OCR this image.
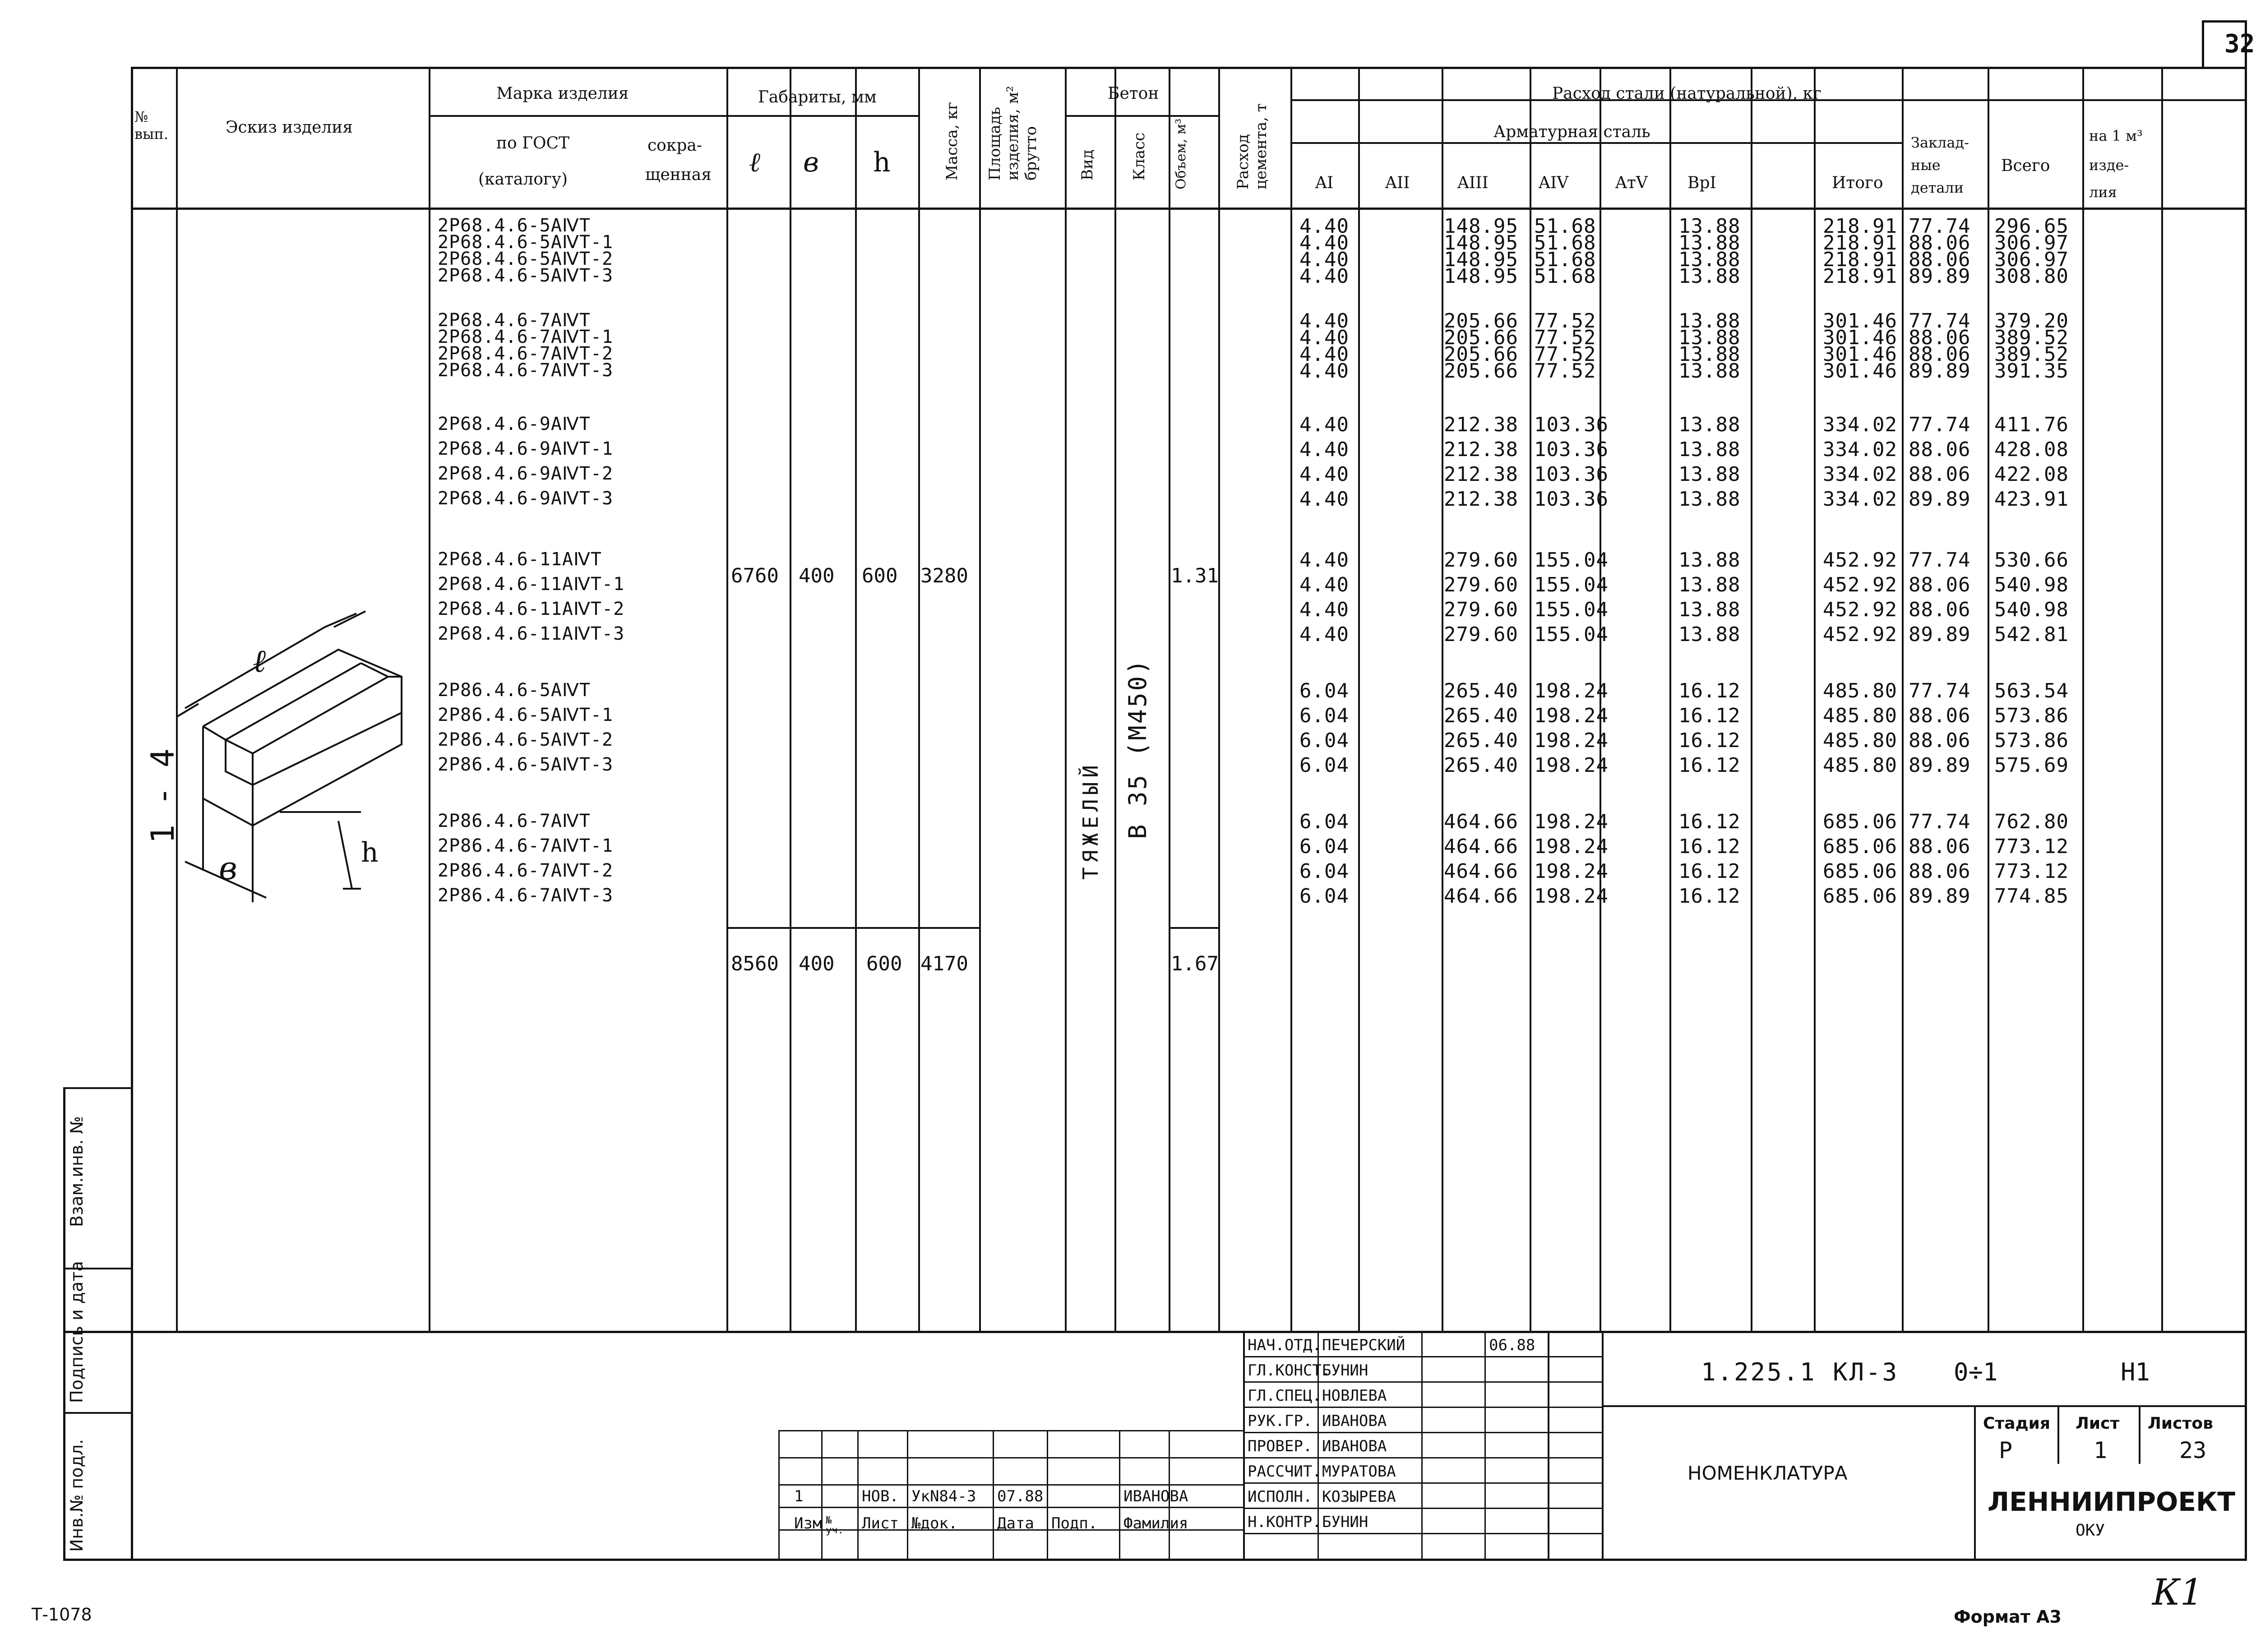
32
№ вып.	Эскиз изделия
Марка изделия
по ГОСТ
(каталогу)
сокра-
щенная
Габариты, мм
ℓ в h	Масса, кг Площадь изделия, м² брутто
Бетон
Вид Класс Объем, м³	Расход цемента, т
Расход стали (натуральной), кг
Арматурная сталь
AI	AII	AIII	AIV	AтV BрI	Итого
Заклад-
ные
детали
Всего
на 1 м³
изде-
лия
1 - 4
ℓ
в	h
6760 400 600 3280	1.31
8560 400 600 4170	1.67
ТЯЖЕЛЫЙ B 35 (M450)
2Р68.4.6-5АⅣТ	4.40	148.95 51.68	13.88	218.91 77.74 296.65
2Р68.4.6-5АⅣТ-1	4.40	148.95 51.68	13.88	218.91 88.06 306.97
2Р68.4.6-5АⅣТ-2	4.40	148.95 51.68	13.88	218.91 88.06 306.97
2Р68.4.6-5АⅣТ-3	4.40	148.95 51.68	13.88	218.91 89.89 308.80
2Р68.4.6-7АⅣТ	4.40	205.66 77.52	13.88	301.46 77.74 379.20
2Р68.4.6-7АⅣТ-1	4.40	205.66 77.52	13.88	301.46 88.06 389.52
2Р68.4.6-7АⅣТ-2	4.40	205.66 77.52	13.88	301.46 88.06 389.52
2Р68.4.6-7АⅣТ-3	4.40	205.66 77.52	13.88	301.46 89.89 391.35
2Р68.4.6-9АⅣТ	4.40	212.38 103.36	13.88	334.02 77.74 411.76
2Р68.4.6-9АⅣТ-1	4.40	212.38 103.36	13.88	334.02 88.06 428.08
2Р68.4.6-9АⅣТ-2	4.40	212.38 103.36	13.88	334.02 88.06 422.08
2Р68.4.6-9АⅣТ-3	4.40	212.38 103.36	13.88	334.02 89.89 423.91
2Р68.4.6-11АⅣТ	4.40	279.60 155.04	13.88	452.92 77.74 530.66
2Р68.4.6-11АⅣТ-1	4.40	279.60 155.04	13.88	452.92 88.06 540.98
2Р68.4.6-11АⅣТ-2	4.40	279.60 155.04	13.88	452.92 88.06 540.98
2Р68.4.6-11АⅣТ-3	4.40	279.60 155.04	13.88	452.92 89.89 542.81
2Р86.4.6-5АⅣТ	6.04	265.40 198.24	16.12	485.80 77.74 563.54
2Р86.4.6-5АⅣТ-1	6.04	265.40 198.24	16.12	485.80 88.06 573.86
2Р86.4.6-5АⅣТ-2	6.04	265.40 198.24	16.12	485.80 88.06 573.86
2Р86.4.6-5АⅣТ-3	6.04	265.40 198.24	16.12	485.80 89.89 575.69
2Р86.4.6-7АⅣТ	6.04	464.66 198.24	16.12	685.06 77.74 762.80
2Р86.4.6-7АⅣТ-1	6.04	464.66 198.24	16.12	685.06 88.06 773.12
2Р86.4.6-7АⅣТ-2	6.04	464.66 198.24	16.12	685.06 88.06 773.12
2Р86.4.6-7АⅣТ-3	6.04	464.66 198.24	16.12	685.06 89.89 774.85
Взам.инв. №
Подпись и дата
Инв.№ подл.
НАЧ.ОТД. ПЕЧЕРСКИЙ	06.88
ГЛ.КОНСТ.
БУНИН
ГЛ.СПЕЦ. НОВЛЕВА
РУК.ГР. ИВАНОВА
ПРОВЕР. ИВАНОВА
РАССЧИТ. МУРАТОВА
ИСПОЛН. КОЗЫРЕВА
Н.КОНТР. БУНИН
1
Изм № уч.
НОВ.
Лист
УкN84-3
№док.
07.88
Дата Подп.
ИВАНОВА
Фамилия
1.225.1 КЛ-3 0÷1	Н1
Стадия Лист Листов
Р	1	23
НОМЕНКЛАТУРА
ЛЕННИИПРОЕКТ
ОКУ
Т-1078	Формат А3
К1
